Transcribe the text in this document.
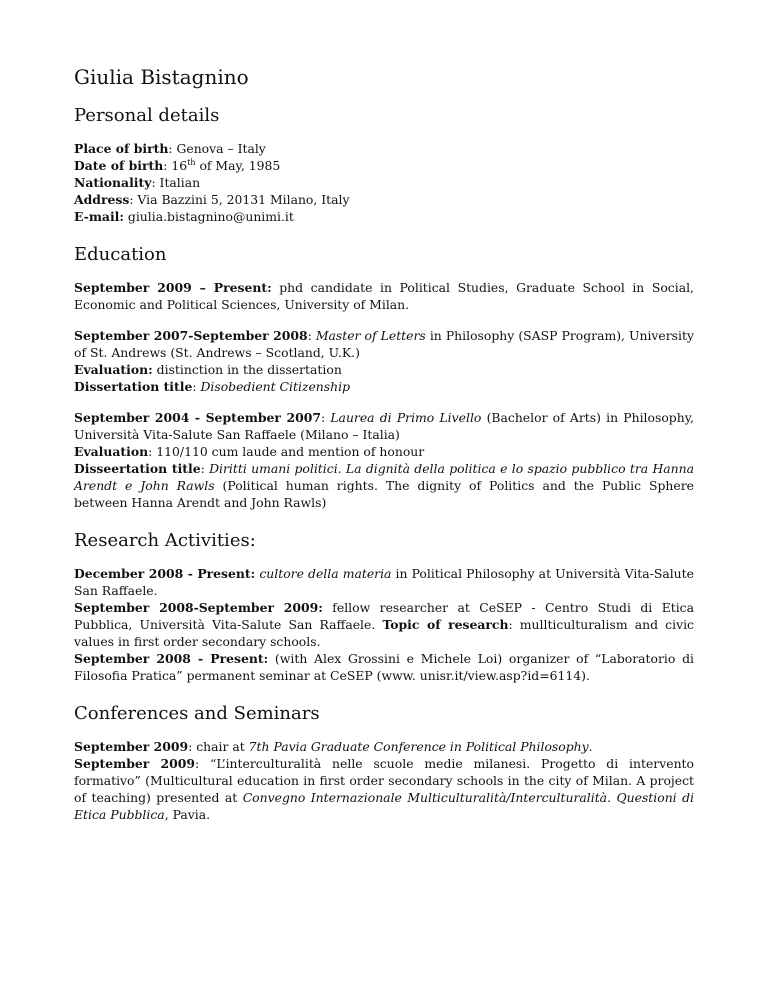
Giulia Bistagnino
Personal details
Place of birth: Genova – Italy
Date of birth: 16th of May, 1985
Nationality: Italian
Address: Via Bazzini 5, 20131 Milano, Italy
E-mail: giulia.bistagnino@unimi.it
Education

September 2009 – Present: phd candidate in Political Studies, Graduate School in Social, Economic and Political Sciences, University of Milan.

September 2007-September 2008: Master of Letters in Philosophy (SASP Program), University of St. Andrews (St. Andrews – Scotland, U.K.)

Evaluation: distinction in the dissertation

Dissertation title: Disobedient Citizenship

September 2004 - September 2007: Laurea di Primo Livello (Bachelor of Arts) in Philosophy, Università Vita-Salute San Raffaele (Milano – Italia)

Evaluation: 110/110 cum laude and mention of honour

Disseertation title: Diritti umani politici. La dignità della politica e lo spazio pubblico tra Hanna Arendt e John Rawls (Political human rights. The dignity of Politics and the Public Sphere between Hanna Arendt and John Rawls)

Research Activities:

December 2008 - Present: cultore della materia in Political Philosophy at Università Vita-Salute San Raffaele.

September 2008-September 2009: fellow researcher at CeSEP - Centro Studi di Etica Pubblica, Università Vita-Salute San Raffaele. Topic of research: mullticulturalism and civic values in first order secondary schools.

September 2008 - Present: (with Alex Grossini e Michele Loi) organizer of “Laboratorio di Filosofia Pratica” permanent seminar at CeSEP (www. unisr.it/view.asp?id=6114).

Conferences and Seminars

September 2009: chair at 7th Pavia Graduate Conference in Political Philosophy.

September 2009: “L’interculturalità nelle scuole medie milanesi. Progetto di intervento formativo” (Multicultural education in first order secondary schools in the city of Milan. A project of teaching) presented at Convegno Internazionale Multiculturalità/Interculturalità. Questioni di Etica Pubblica, Pavia.
